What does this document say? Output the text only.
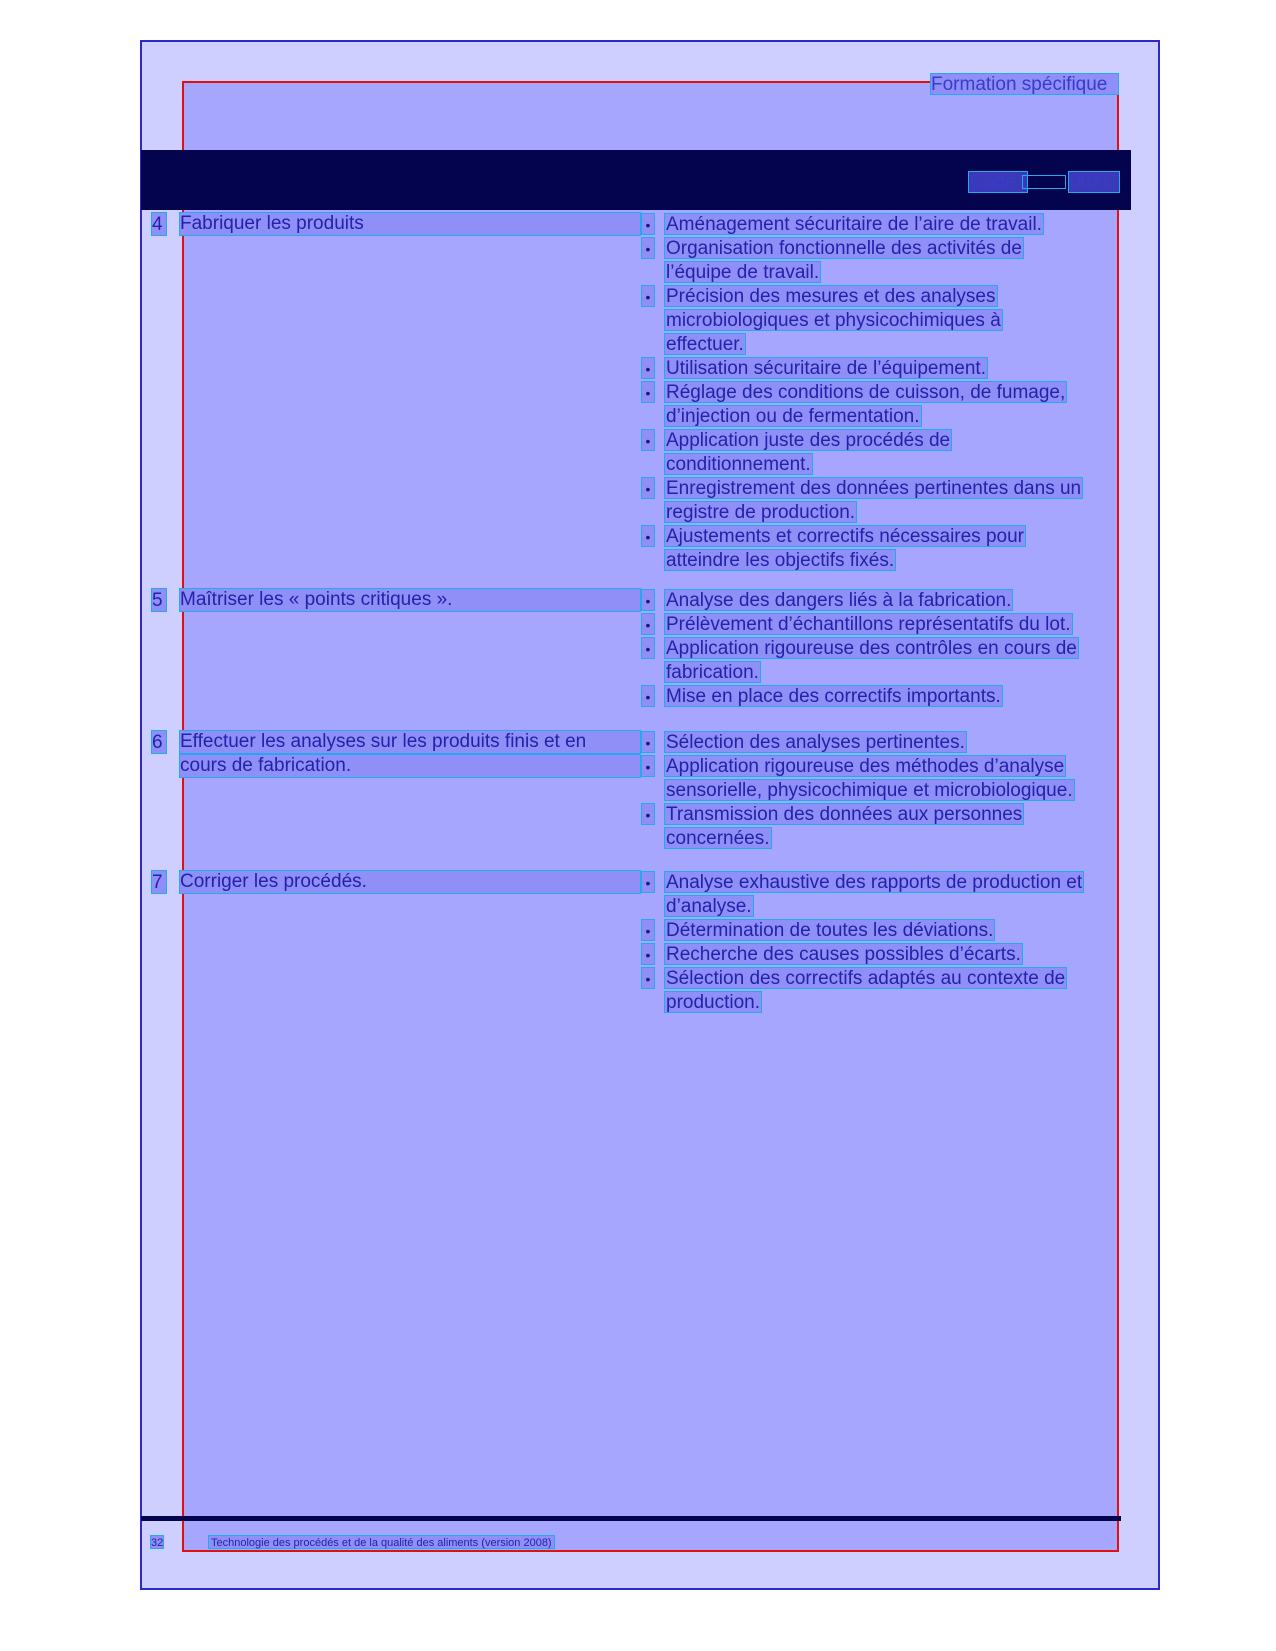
Formation spécifique
Code : 00XC
4 Fabriquer les produits	• Aménagement sécuritaire de l’aire de travail.
• Organisation fonctionnelle des activités de
l’équipe de travail.
• Précision des mesures et des analyses
microbiologiques et physicochimiques à
effectuer.
• Utilisation sécuritaire de l’équipement.
• Réglage des conditions de cuisson, de fumage,
d’injection ou de fermentation.
• Application juste des procédés de
conditionnement.
• Enregistrement des données pertinentes dans un
registre de production.
• Ajustements et correctifs nécessaires pour
atteindre les objectifs fixés.
5 Maîtriser les « points critiques ».	• Analyse des dangers liés à la fabrication.
• Prélèvement d’échantillons représentatifs du lot.
• Application rigoureuse des contrôles en cours de
fabrication.
• Mise en place des correctifs importants.
6 Effectuer les analyses sur les produits finis et en
cours de fabrication.
• Sélection des analyses pertinentes.
• Application rigoureuse des méthodes d’analyse
sensorielle, physicochimique et microbiologique.
• Transmission des données aux personnes
concernées.
7 Corriger les procédés.	• Analyse exhaustive des rapports de production et
d’analyse.
• Détermination de toutes les déviations.
• Recherche des causes possibles d’écarts.
• Sélection des correctifs adaptés au contexte de
production.
32	Technologie des procédés et de la qualité des aliments (version 2008)
